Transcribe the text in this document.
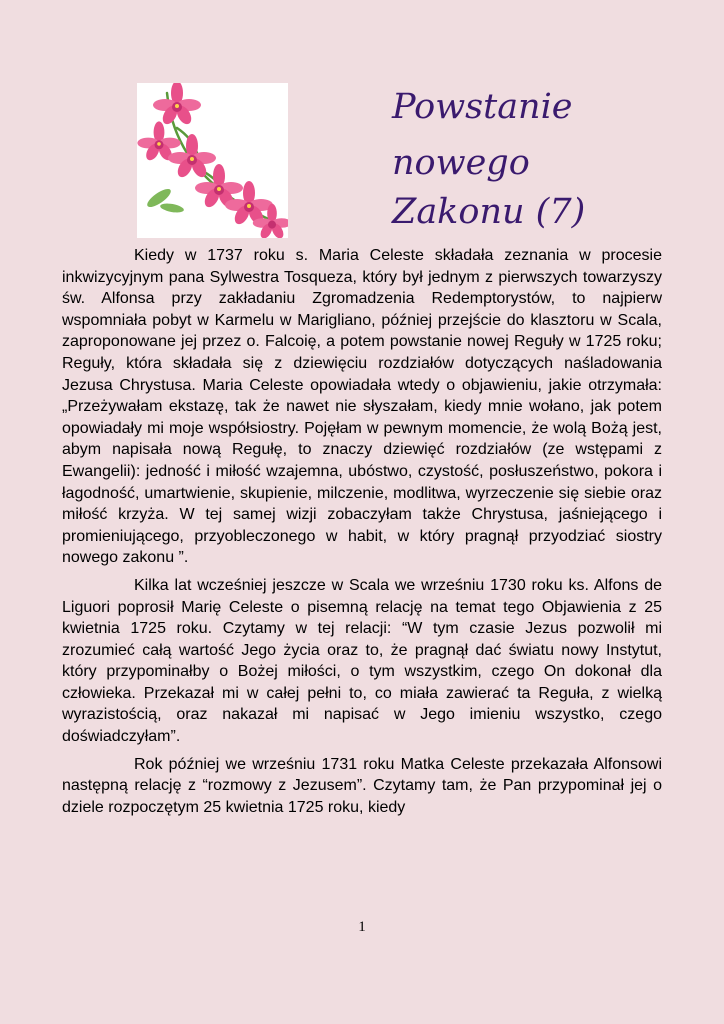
Powstanie
nowego
Zakonu (7)

Kiedy w 1737 roku s. Maria Celeste składała zeznania w procesie inkwizycyjnym pana Sylwestra Tosqueza, który był jednym z pierwszych towarzyszy św. Alfonsa przy zakładaniu Zgromadzenia Redemptorystów, to najpierw wspomniała pobyt w Karmelu w Marigliano, później przejście do klasztoru w Scala, zaproponowane jej przez o. Falcoię, a potem powstanie nowej Reguły w 1725 roku; Reguły, która składała się z dziewięciu rozdziałów dotyczących naśladowania Jezusa Chrystusa. Maria Celeste opowiadała wtedy o objawieniu, jakie otrzymała: „Przeżywałam ekstazę, tak że nawet nie słyszałam, kiedy mnie wołano, jak potem opowiadały mi moje współsiostry. Pojęłam w pewnym momencie, że wolą Bożą jest, abym napisała nową Regułę, to znaczy dziewięć rozdziałów (ze wstępami z Ewangelii): jedność i miłość wzajemna, ubóstwo, czystość, posłuszeństwo, pokora i łagodność, umartwienie, skupienie, milczenie, modlitwa, wyrzeczenie się siebie oraz miłość krzyża. W tej samej wizji zobaczyłam także Chrystusa, jaśniejącego i promieniującego, przyobleczonego w habit, w który pragnął przyodziać siostry nowego zakonu ”.

Kilka lat wcześniej jeszcze w Scala we wrześniu 1730 roku ks. Alfons de Liguori poprosił Marię Celeste o pisemną relację na temat tego Objawienia z 25 kwietnia 1725 roku. Czytamy w tej relacji: “W tym czasie Jezus pozwolił mi zrozumieć całą wartość Jego życia oraz to, że pragnął dać światu nowy Instytut, który przypominałby o Bożej miłości, o tym wszystkim, czego On dokonał dla człowieka. Przekazał mi w całej pełni to, co miała zawierać ta Reguła, z wielką wyrazistością, oraz nakazał mi napisać w Jego imieniu wszystko, czego doświadczyłam”.

Rok później we wrześniu 1731 roku Matka Celeste przekazała Alfonsowi następną relację z “rozmowy z Jezusem”. Czytamy tam, że Pan przypominał jej o dziele rozpoczętym 25 kwietnia 1725 roku, kiedy

1
